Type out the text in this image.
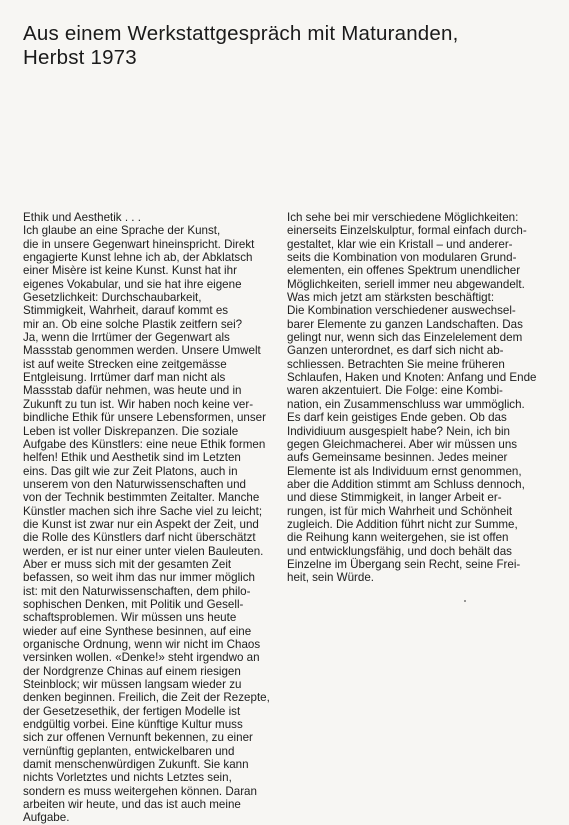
Aus einem Werkstattgespräch mit Maturanden,
Herbst 1973
Ethik und Aesthetik . . .
Ich glaube an eine Sprache der Kunst,
die in unsere Gegenwart hineinspricht. Direkt
engagierte Kunst lehne ich ab, der Abklatsch
einer Misère ist keine Kunst. Kunst hat ihr
eigenes Vokabular, und sie hat ihre eigene
Gesetzlichkeit: Durchschaubarkeit,
Stimmigkeit, Wahrheit, darauf kommt es
mir an. Ob eine solche Plastik zeitfern sei?
Ja, wenn die Irrtümer der Gegenwart als
Massstab genommen werden. Unsere Umwelt
ist auf weite Strecken eine zeitgemässe
Entgleisung. Irrtümer darf man nicht als
Massstab dafür nehmen, was heute und in
Zukunft zu tun ist. Wir haben noch keine ver-
bindliche Ethik für unsere Lebensformen, unser
Leben ist voller Diskrepanzen. Die soziale
Aufgabe des Künstlers: eine neue Ethik formen
helfen! Ethik und Aesthetik sind im Letzten
eins. Das gilt wie zur Zeit Platons, auch in
unserem von den Naturwissenschaften und
von der Technik bestimmten Zeitalter. Manche
Künstler machen sich ihre Sache viel zu leicht;
die Kunst ist zwar nur ein Aspekt der Zeit, und
die Rolle des Künstlers darf nicht überschätzt
werden, er ist nur einer unter vielen Bauleuten.
Aber er muss sich mit der gesamten Zeit
befassen, so weit ihm das nur immer möglich
ist: mit den Naturwissenschaften, dem philo-
sophischen Denken, mit Politik und Gesell-
schaftsproblemen. Wir müssen uns heute
wieder auf eine Synthese besinnen, auf eine
organische Ordnung, wenn wir nicht im Chaos
versinken wollen. «Denke!» steht irgendwo an
der Nordgrenze Chinas auf einem riesigen
Steinblock; wir müssen langsam wieder zu
denken beginnen. Freilich, die Zeit der Rezepte,
der Gesetzesethik, der fertigen Modelle ist
endgültig vorbei. Eine künftige Kultur muss
sich zur offenen Vernunft bekennen, zu einer
vernünftig geplanten, entwickelbaren und
damit menschenwürdigen Zukunft. Sie kann
nichts Vorletztes und nichts Letztes sein,
sondern es muss weitergehen können. Daran
arbeiten wir heute, und das ist auch meine
Aufgabe.
Ich sehe bei mir verschiedene Möglichkeiten:
einerseits Einzelskulptur, formal einfach durch-
gestaltet, klar wie ein Kristall – und anderer-
seits die Kombination von modularen Grund-
elementen, ein offenes Spektrum unendlicher
Möglichkeiten, seriell immer neu abgewandelt.
Was mich jetzt am stärksten beschäftigt:
Die Kombination verschiedener auswechsel-
barer Elemente zu ganzen Landschaften. Das
gelingt nur, wenn sich das Einzelelement dem
Ganzen unterordnet, es darf sich nicht ab-
schliessen. Betrachten Sie meine früheren
Schlaufen, Haken und Knoten: Anfang und Ende
waren akzentuiert. Die Folge: eine Kombi-
nation, ein Zusammenschluss war ummöglich.
Es darf kein geistiges Ende geben. Ob das
Individiuum ausgespielt habe? Nein, ich bin
gegen Gleichmacherei. Aber wir müssen uns
aufs Gemeinsame besinnen. Jedes meiner
Elemente ist als Individuum ernst genommen,
aber die Addition stimmt am Schluss dennoch,
und diese Stimmigkeit, in langer Arbeit er-
rungen, ist für mich Wahrheit und Schönheit
zugleich. Die Addition führt nicht zur Summe,
die Reihung kann weitergehen, sie ist offen
und entwicklungsfähig, und doch behält das
Einzelne im Übergang sein Recht, seine Frei-
heit, sein Würde.
